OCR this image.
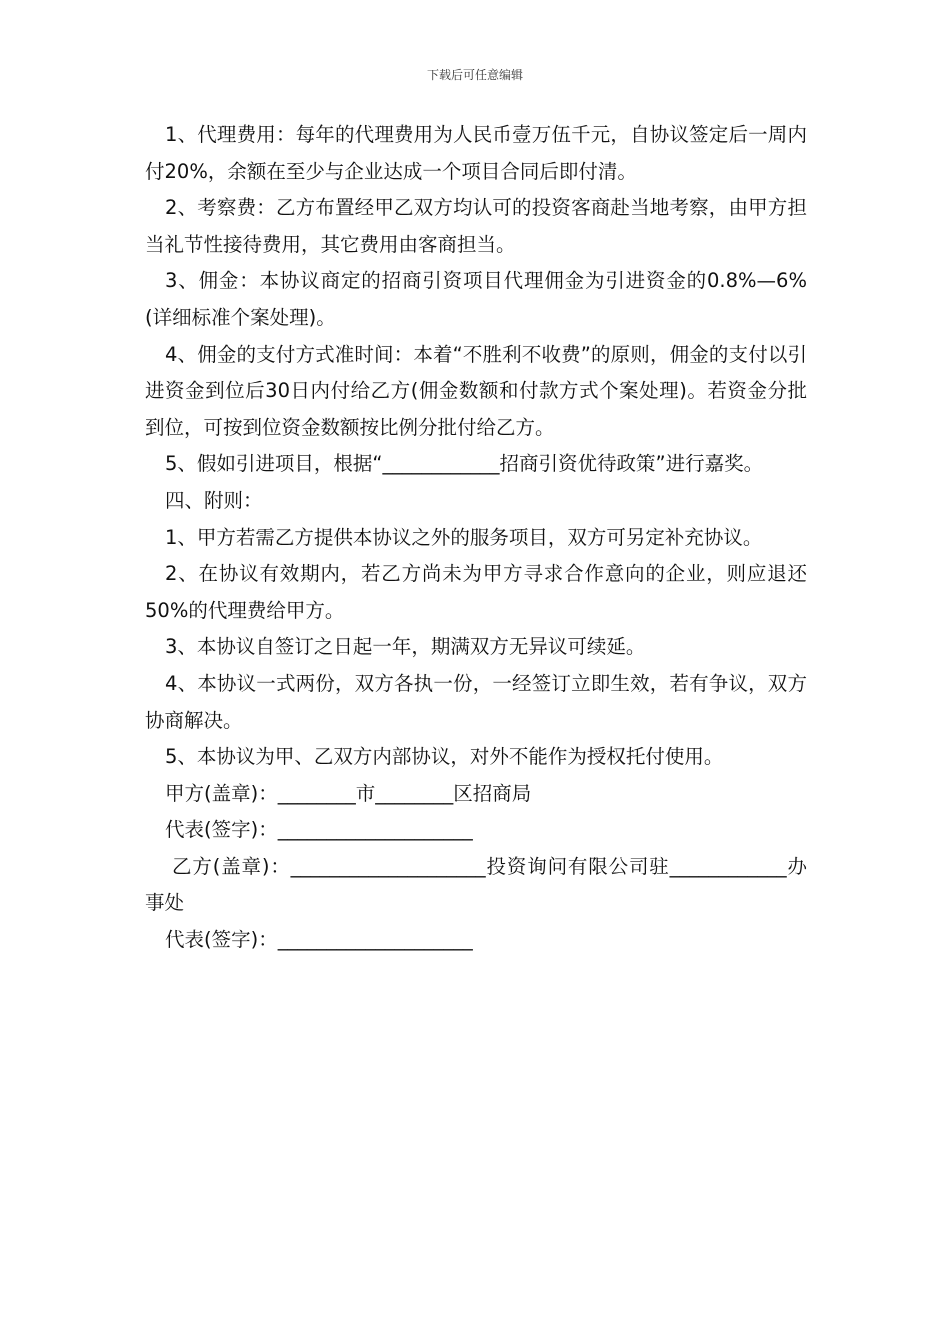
下载后可任意编辑

1、代理费用：每年的代理费用为人民币壹万伍千元，自协议签定后一周内付20%，余额在至少与企业达成一个项目合同后即付清。

2、考察费：乙方布置经甲乙双方均认可的投资客商赴当地考察，由甲方担当礼节性接待费用，其它费用由客商担当。

3、佣金：本协议商定的招商引资项目代理佣金为引进资金的0.8%—6%(详细标准个案处理)。

4、佣金的支付方式准时间：本着“不胜利不收费”的原则，佣金的支付以引进资金到位后30日内付给乙方(佣金数额和付款方式个案处理)。若资金分批到位，可按到位资金数额按比例分批付给乙方。

5、假如引进项目，根据“____________招商引资优待政策”进行嘉奖。

四、附则：

1、甲方若需乙方提供本协议之外的服务项目，双方可另定补充协议。

2、在协议有效期内，若乙方尚未为甲方寻求合作意向的企业，则应退还50%的代理费给甲方。

3、本协议自签订之日起一年，期满双方无异议可续延。

4、本协议一式两份，双方各执一份，一经签订立即生效，若有争议，双方协商解决。

5、本协议为甲、乙双方内部协议，对外不能作为授权托付使用。

甲方(盖章)：________市________区招商局

代表(签字)：____________________

乙方(盖章)：____________________投资询问有限公司驻____________办事处

代表(签字)：____________________
